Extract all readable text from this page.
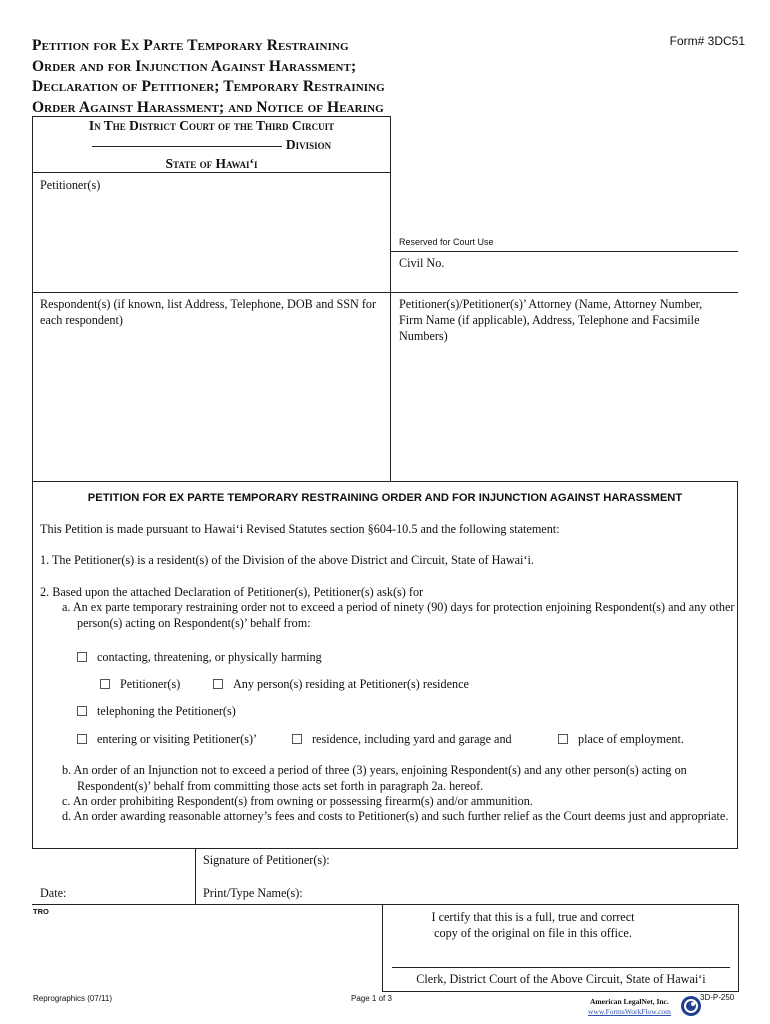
Petition for Ex Parte Temporary Restraining
Order and for Injunction Against Harassment;
Declaration of Petitioner; Temporary Restraining
Order Against Harassment; and Notice of Hearing
Form# 3DC51
In The District Court of the Third Circuit
Division
State of Hawai‘i
Petitioner(s)
Reserved for Court Use
Civil No.
Respondent(s) (if known, list Address, Telephone, DOB and SSN for each respondent)
Petitioner(s)/Petitioner(s)’ Attorney (Name, Attorney Number, Firm Name (if applicable), Address, Telephone and Facsimile Numbers)
PETITION FOR EX PARTE TEMPORARY RESTRAINING ORDER AND FOR INJUNCTION AGAINST HARASSMENT
This Petition is made pursuant to Hawai‘i Revised Statutes section §604-10.5 and the following statement:
1. The Petitioner(s) is a resident(s) of the Division of the above District and Circuit, State of Hawai‘i.
2. Based upon the attached Declaration of Petitioner(s), Petitioner(s) ask(s) for
a. An ex parte temporary restraining order not to exceed a period of ninety (90) days for protection enjoining Respondent(s) and any other person(s) acting on Respondent(s)’ behalf from:
contacting, threatening, or physically harming
Petitioner(s)	Any person(s) residing at Petitioner(s) residence
telephoning the Petitioner(s)
entering or visiting Petitioner(s)’	residence, including yard and garage and	place of employment.
b. An order of an Injunction not to exceed a period of three (3) years, enjoining Respondent(s) and any other person(s) acting on Respondent(s)’ behalf from committing those acts set forth in paragraph 2a. hereof.
c. An order prohibiting Respondent(s) from owning or possessing firearm(s) and/or ammunition.
d. An order awarding reasonable attorney’s fees and costs to Petitioner(s) and such further relief as the Court deems just and appropriate.
Signature of Petitioner(s):
Date:	Print/Type Name(s):
TRO	I certify that this is a full, true and correct
copy of the original on file in this office.
Clerk, District Court of the Above Circuit, State of Hawai‘i
Reprographics (07/11)	Page 1 of 3	3D-P-250
American LegalNet, Inc.
www.FormsWorkFlow.com
